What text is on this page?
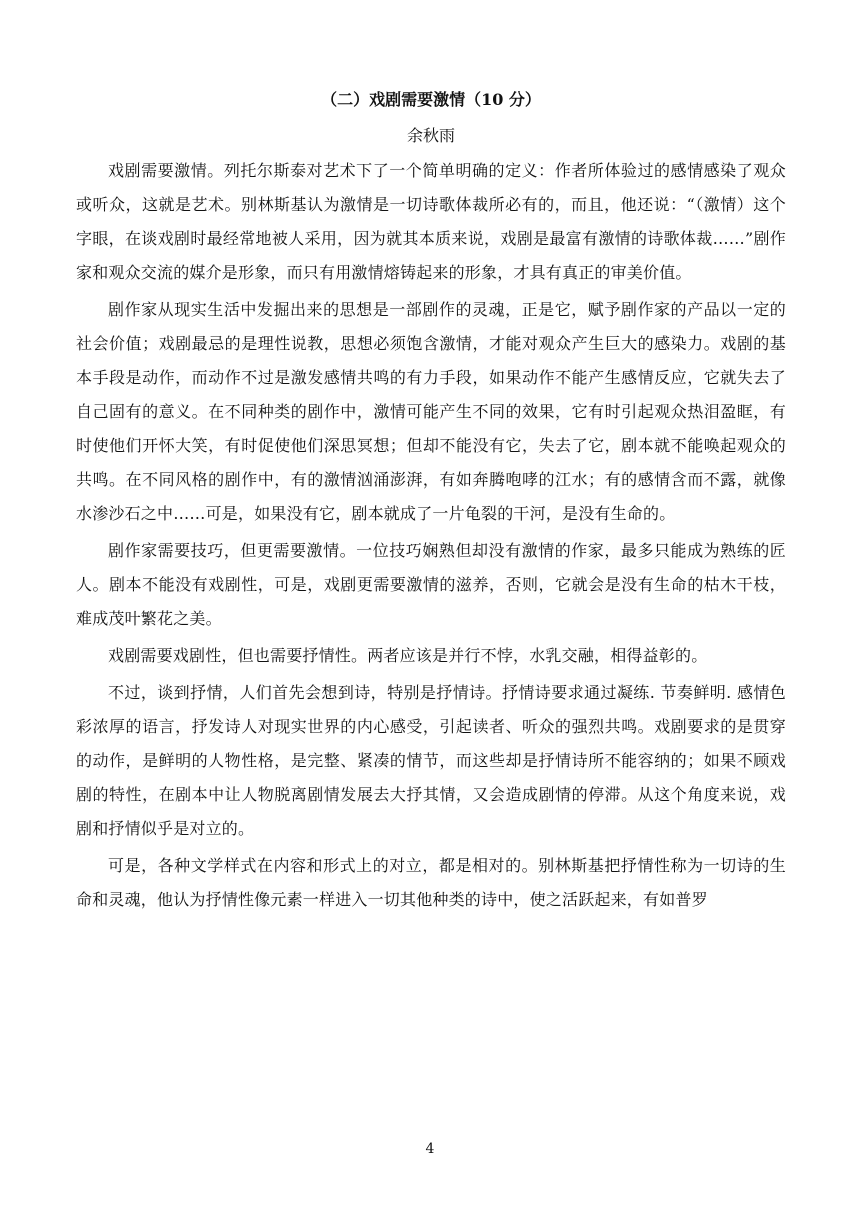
（二）戏剧需要激情（10 分）
余秋雨

戏剧需要激情。列托尔斯泰对艺术下了一个简单明确的定义：作者所体验过的感情感染了观众或听众，这就是艺术。别林斯基认为激情是一切诗歌体裁所必有的，而且，他还说：“（激情）这个字眼，在谈戏剧时最经常地被人采用，因为就其本质来说，戏剧是最富有激情的诗歌体裁……”剧作家和观众交流的媒介是形象，而只有用激情熔铸起来的形象，才具有真正的审美价值。

剧作家从现实生活中发掘出来的思想是一部剧作的灵魂，正是它，赋予剧作家的产品以一定的社会价值；戏剧最忌的是理性说教，思想必须饱含激情，才能对观众产生巨大的感染力。戏剧的基本手段是动作，而动作不过是激发感情共鸣的有力手段，如果动作不能产生感情反应，它就失去了自己固有的意义。在不同种类的剧作中，激情可能产生不同的效果，它有时引起观众热泪盈眶，有时使他们开怀大笑，有时促使他们深思冥想；但却不能没有它，失去了它，剧本就不能唤起观众的共鸣。在不同风格的剧作中，有的激情汹涌澎湃，有如奔腾咆哮的江水；有的感情含而不露，就像水渗沙石之中……可是，如果没有它，剧本就成了一片龟裂的干河，是没有生命的。

剧作家需要技巧，但更需要激情。一位技巧娴熟但却没有激情的作家，最多只能成为熟练的匠人。剧本不能没有戏剧性，可是，戏剧更需要激情的滋养，否则，它就会是没有生命的枯木干枝，难成茂叶繁花之美。

戏剧需要戏剧性，但也需要抒情性。两者应该是并行不悖，水乳交融，相得益彰的。

不过，谈到抒情，人们首先会想到诗，特别是抒情诗。抒情诗要求通过凝练. 节奏鲜明. 感情色彩浓厚的语言，抒发诗人对现实世界的内心感受，引起读者、听众的强烈共鸣。戏剧要求的是贯穿的动作，是鲜明的人物性格，是完整、紧凑的情节，而这些却是抒情诗所不能容纳的；如果不顾戏剧的特性，在剧本中让人物脱离剧情发展去大抒其情，又会造成剧情的停滞。从这个角度来说，戏剧和抒情似乎是对立的。

可是，各种文学样式在内容和形式上的对立，都是相对的。别林斯基把抒情性称为一切诗的生命和灵魂，他认为抒情性像元素一样进入一切其他种类的诗中，使之活跃起来，有如普罗

4
